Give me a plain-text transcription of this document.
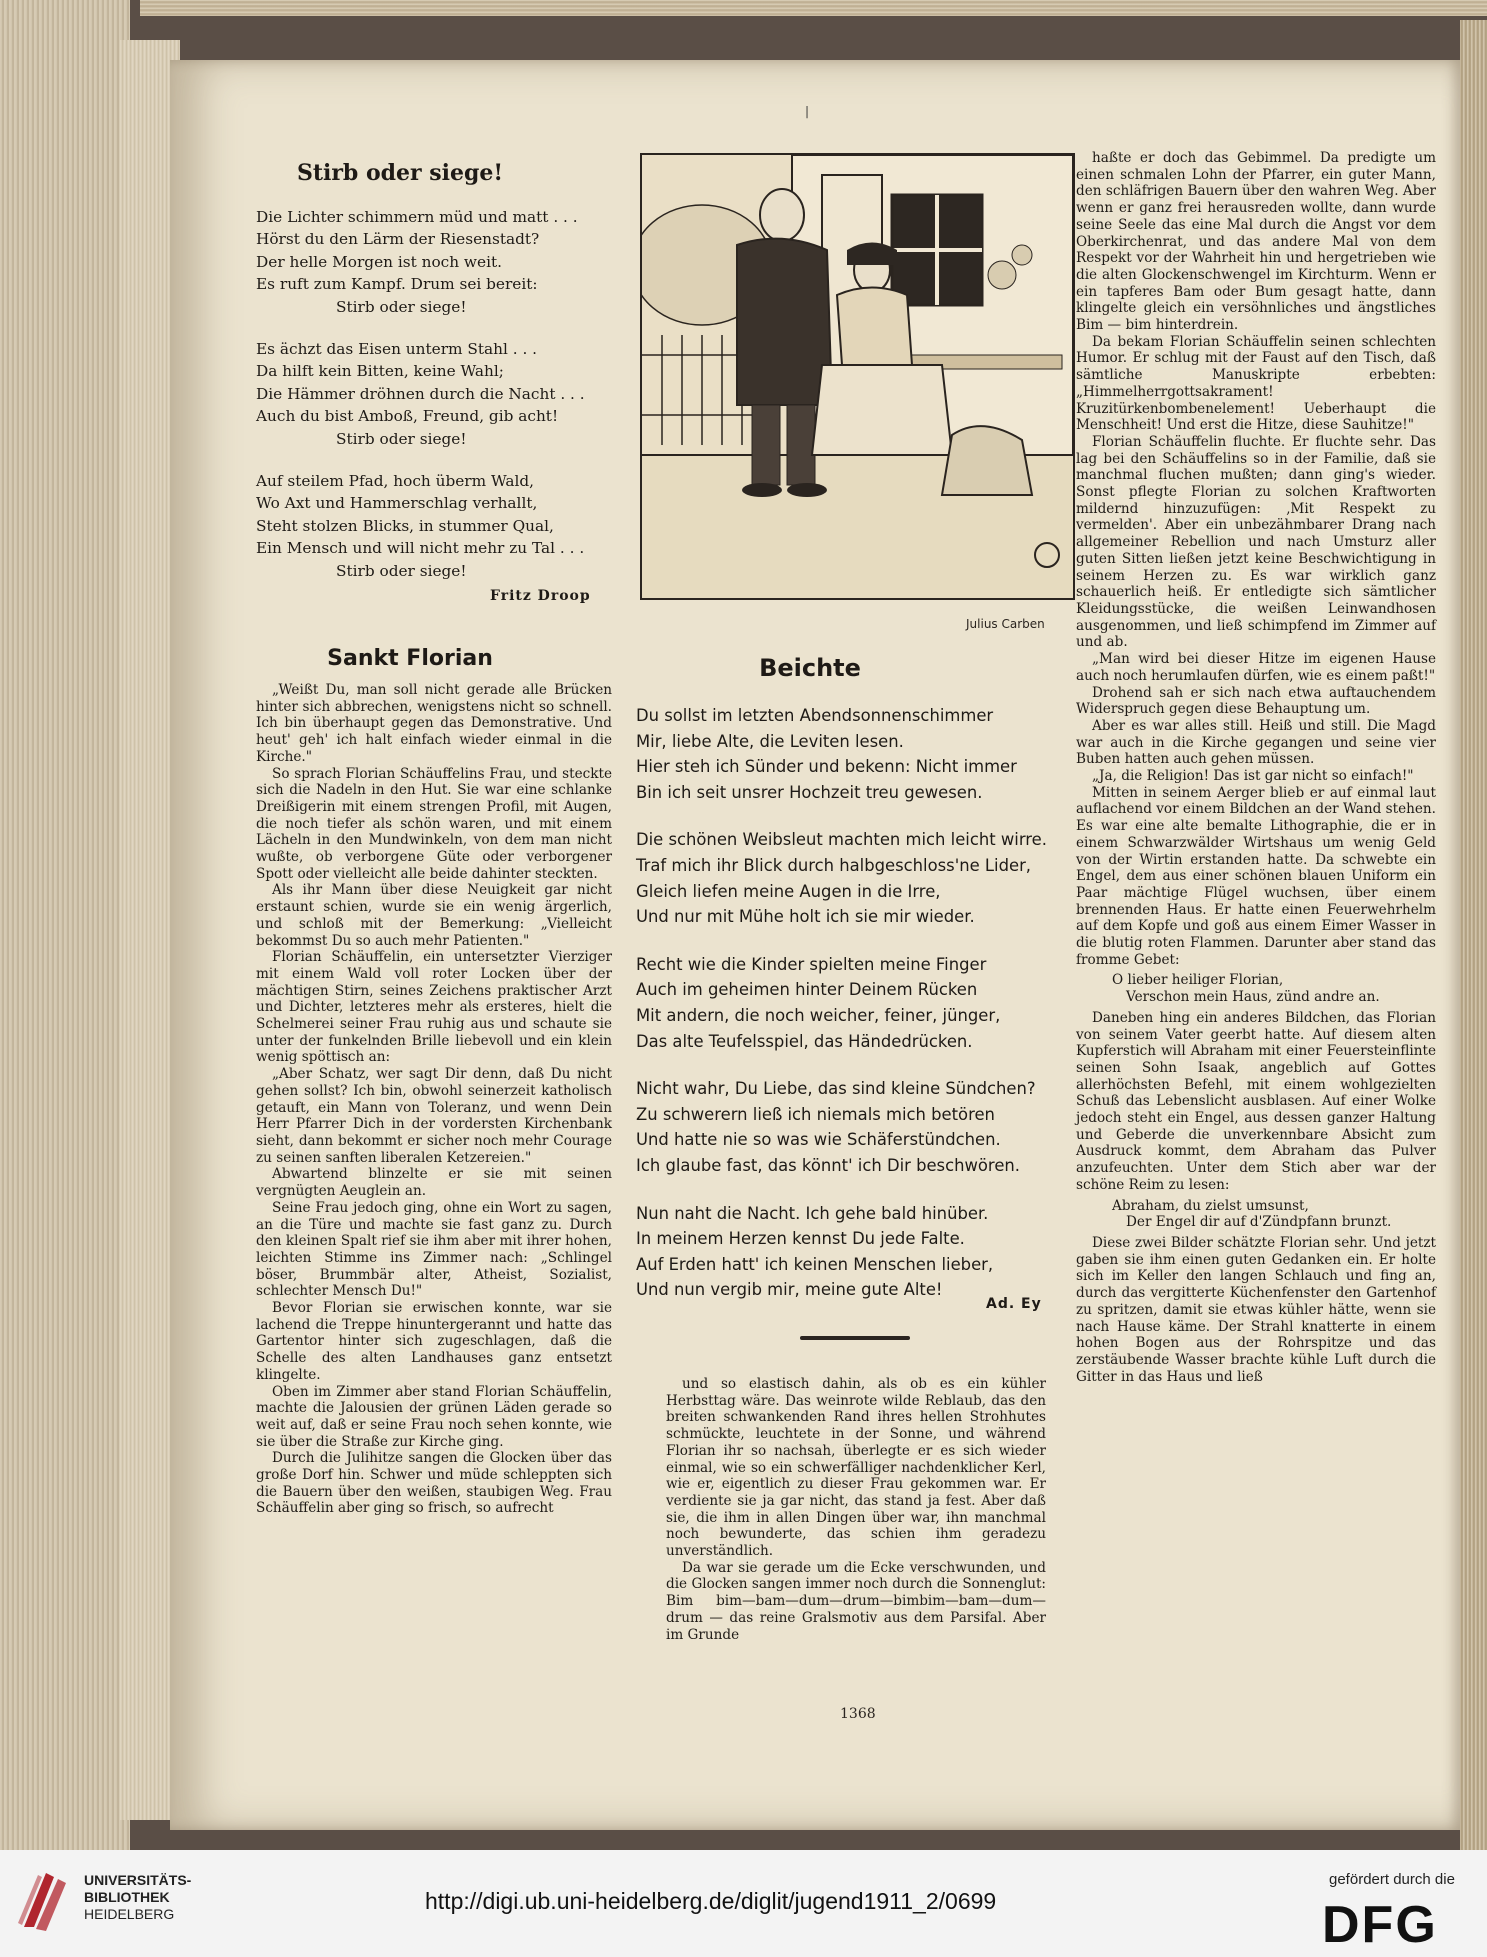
|
Stirb oder siege!
Die Lichter schimmern müd und matt . . .
Hörst du den Lärm der Riesenstadt?
Der helle Morgen ist noch weit.
Es ruft zum Kampf. Drum sei bereit:
Stirb oder siege!
Es ächzt das Eisen unterm Stahl . . .
Da hilft kein Bitten, keine Wahl;
Die Hämmer dröhnen durch die Nacht . . .
Auch du bist Amboß, Freund, gib acht!
Stirb oder siege!
Auf steilem Pfad, hoch überm Wald,
Wo Axt und Hammerschlag verhallt,
Steht stolzen Blicks, in stummer Qual,
Ein Mensch und will nicht mehr zu Tal . . .
Stirb oder siege!
Fritz Droop
Sankt Florian

„Weißt Du, man soll nicht gerade alle Brücken hinter sich abbrechen, wenigstens nicht so schnell. Ich bin überhaupt gegen das Demonstrative. Und heut' geh' ich halt einfach wieder einmal in die Kirche."

So sprach Florian Schäuffelins Frau, und steckte sich die Nadeln in den Hut. Sie war eine schlanke Dreißigerin mit einem strengen Profil, mit Augen, die noch tiefer als schön waren, und mit einem Lächeln in den Mundwinkeln, von dem man nicht wußte, ob verborgene Güte oder verborgener Spott oder vielleicht alle beide dahinter steckten.

Als ihr Mann über diese Neuigkeit gar nicht erstaunt schien, wurde sie ein wenig ärgerlich, und schloß mit der Bemerkung: „Vielleicht bekommst Du so auch mehr Patienten."

Florian Schäuffelin, ein untersetzter Vierziger mit einem Wald voll roter Locken über der mächtigen Stirn, seines Zeichens praktischer Arzt und Dichter, letzteres mehr als ersteres, hielt die Schelmerei seiner Frau ruhig aus und schaute sie unter der funkelnden Brille liebevoll und ein klein wenig spöttisch an:

„Aber Schatz, wer sagt Dir denn, daß Du nicht gehen sollst? Ich bin, obwohl seinerzeit katholisch getauft, ein Mann von Toleranz, und wenn Dein Herr Pfarrer Dich in der vordersten Kirchenbank sieht, dann bekommt er sicher noch mehr Courage zu seinen sanften liberalen Ketzereien."

Abwartend blinzelte er sie mit seinen vergnügten Aeuglein an.

Seine Frau jedoch ging, ohne ein Wort zu sagen, an die Türe und machte sie fast ganz zu. Durch den kleinen Spalt rief sie ihm aber mit ihrer hohen, leichten Stimme ins Zimmer nach: „Schlingel böser, Brummbär alter, Atheist, Sozialist, schlechter Mensch Du!"

Bevor Florian sie erwischen konnte, war sie lachend die Treppe hinuntergerannt und hatte das Gartentor hinter sich zugeschlagen, daß die Schelle des alten Landhauses ganz entsetzt klingelte.

Oben im Zimmer aber stand Florian Schäuffelin, machte die Jalousien der grünen Läden gerade so weit auf, daß er seine Frau noch sehen konnte, wie sie über die Straße zur Kirche ging.

Durch die Julihitze sangen die Glocken über das große Dorf hin. Schwer und müde schleppten sich die Bauern über den weißen, staubigen Weg. Frau Schäuffelin aber ging so frisch, so aufrecht

Julius Carben
Beichte
Du sollst im letzten Abendsonnenschimmer
Mir, liebe Alte, die Leviten lesen.
Hier steh ich Sünder und bekenn: Nicht immer
Bin ich seit unsrer Hochzeit treu gewesen.
Die schönen Weibsleut machten mich leicht wirre.
Traf mich ihr Blick durch halbgeschloss'ne Lider,
Gleich liefen meine Augen in die Irre,
Und nur mit Mühe holt ich sie mir wieder.
Recht wie die Kinder spielten meine Finger
Auch im geheimen hinter Deinem Rücken
Mit andern, die noch weicher, feiner, jünger,
Das alte Teufelsspiel, das Händedrücken.
Nicht wahr, Du Liebe, das sind kleine Sündchen?
Zu schwerern ließ ich niemals mich betören
Und hatte nie so was wie Schäferstündchen.
Ich glaube fast, das könnt' ich Dir beschwören.
Nun naht die Nacht. Ich gehe bald hinüber.
In meinem Herzen kennst Du jede Falte.
Auf Erden hatt' ich keinen Menschen lieber,
Und nun vergib mir, meine gute Alte!
Ad. Ey

und so elastisch dahin, als ob es ein kühler Herbsttag wäre. Das weinrote wilde Reblaub, das den breiten schwankenden Rand ihres hellen Strohhutes schmückte, leuchtete in der Sonne, und während Florian ihr so nachsah, überlegte er es sich wieder einmal, wie so ein schwerfälliger nachdenklicher Kerl, wie er, eigentlich zu dieser Frau gekommen war. Er verdiente sie ja gar nicht, das stand ja fest. Aber daß sie, die ihm in allen Dingen über war, ihn manchmal noch bewunderte, das schien ihm geradezu unverständlich.

Da war sie gerade um die Ecke verschwunden, und die Glocken sangen immer noch durch die Sonnenglut: Bim bim—bam—dum—drum—bimbim—bam—dum—drum — das reine Gralsmotiv aus dem Parsifal. Aber im Grunde

haßte er doch das Gebimmel. Da predigte um einen schmalen Lohn der Pfarrer, ein guter Mann, den schläfrigen Bauern über den wahren Weg. Aber wenn er ganz frei herausreden wollte, dann wurde seine Seele das eine Mal durch die Angst vor dem Oberkirchenrat, und das andere Mal von dem Respekt vor der Wahrheit hin und hergetrieben wie die alten Glockenschwengel im Kirchturm. Wenn er ein tapferes Bam oder Bum gesagt hatte, dann klingelte gleich ein versöhnliches und ängstliches Bim — bim hinterdrein.

Da bekam Florian Schäuffelin seinen schlechten Humor. Er schlug mit der Faust auf den Tisch, daß sämtliche Manuskripte erbebten: „Himmelherrgottsakrament! Kruzitürkenbombenelement! Ueberhaupt die Menschheit! Und erst die Hitze, diese Sauhitze!"

Florian Schäuffelin fluchte. Er fluchte sehr. Das lag bei den Schäuffelins so in der Familie, daß sie manchmal fluchen mußten; dann ging's wieder. Sonst pflegte Florian zu solchen Kraftworten mildernd hinzuzufügen: ‚Mit Respekt zu vermelden'. Aber ein unbezähmbarer Drang nach allgemeiner Rebellion und nach Umsturz aller guten Sitten ließen jetzt keine Beschwichtigung in seinem Herzen zu. Es war wirklich ganz schauerlich heiß. Er entledigte sich sämtlicher Kleidungsstücke, die weißen Leinwandhosen ausgenommen, und ließ schimpfend im Zimmer auf und ab.

„Man wird bei dieser Hitze im eigenen Hause auch noch herumlaufen dürfen, wie es einem paßt!"

Drohend sah er sich nach etwa auftauchendem Widerspruch gegen diese Behauptung um.

Aber es war alles still. Heiß und still. Die Magd war auch in die Kirche gegangen und seine vier Buben hatten auch gehen müssen.

„Ja, die Religion! Das ist gar nicht so einfach!"

Mitten in seinem Aerger blieb er auf einmal laut auflachend vor einem Bildchen an der Wand stehen. Es war eine alte bemalte Lithographie, die er in einem Schwarzwälder Wirtshaus um wenig Geld von der Wirtin erstanden hatte. Da schwebte ein Engel, dem aus einer schönen blauen Uniform ein Paar mächtige Flügel wuchsen, über einem brennenden Haus. Er hatte einen Feuerwehrhelm auf dem Kopfe und goß aus einem Eimer Wasser in die blutig roten Flammen. Darunter aber stand das fromme Gebet:

O lieber heiliger Florian,
Verschon mein Haus, zünd andre an.

Daneben hing ein anderes Bildchen, das Florian von seinem Vater geerbt hatte. Auf diesem alten Kupferstich will Abraham mit einer Feuersteinflinte seinen Sohn Isaak, angeblich auf Gottes allerhöchsten Befehl, mit einem wohlgezielten Schuß das Lebenslicht ausblasen. Auf einer Wolke jedoch steht ein Engel, aus dessen ganzer Haltung und Geberde die unverkennbare Absicht zum Ausdruck kommt, dem Abraham das Pulver anzufeuchten. Unter dem Stich aber war der schöne Reim zu lesen:

Abraham, du zielst umsunst,
Der Engel dir auf d'Zündpfann brunzt.

Diese zwei Bilder schätzte Florian sehr. Und jetzt gaben sie ihm einen guten Gedanken ein. Er holte sich im Keller den langen Schlauch und fing an, durch das vergitterte Küchenfenster den Gartenhof zu spritzen, damit sie etwas kühler hätte, wenn sie nach Hause käme. Der Strahl knatterte in einem hohen Bogen aus der Rohrspitze und das zerstäubende Wasser brachte kühle Luft durch die Gitter in das Haus und ließ

1368
UNIVERSITÄTS-
BIBLIOTHEK
HEIDELBERG	http://digi.ub.uni-heidelberg.de/diglit/jugend1911_2/0699
gefördert durch die
DFG
